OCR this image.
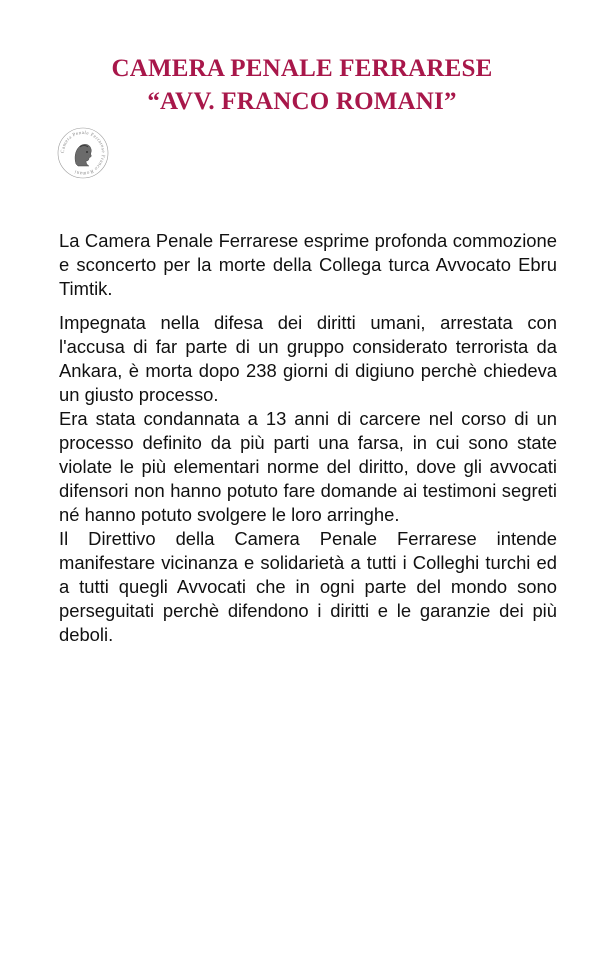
CAMERA PENALE FERRARESE
“AVV. FRANCO ROMANI”
Camera Penale Ferrarese Franco Romani

La Camera Penale Ferrarese esprime profonda commozione e sconcerto per la morte della Collega turca Avvocato Ebru Timtik.

Impegnata nella difesa dei diritti umani, arrestata con l'accusa di far parte di un gruppo considerato terrorista da Ankara, è morta dopo 238 giorni di digiuno perchè chiedeva un giusto processo.

Era stata condannata a 13 anni di carcere nel corso di un processo definito da più parti una farsa, in cui sono state violate le più elementari norme del diritto, dove gli avvocati difensori non hanno potuto fare domande ai testimoni segreti né hanno potuto svolgere le loro arringhe.

Il Direttivo della Camera Penale Ferrarese intende manifestare vicinanza e solidarietà a tutti i Colleghi turchi ed a tutti quegli Avvocati che in ogni parte del mondo sono perseguitati perchè difendono i diritti e le garanzie dei più deboli.
